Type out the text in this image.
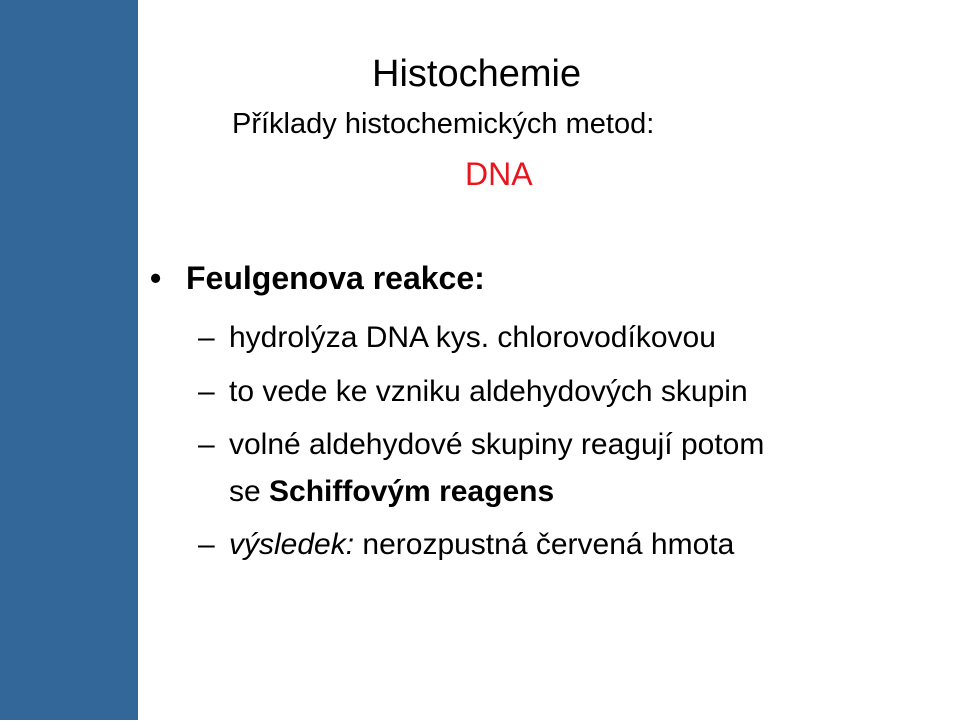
Histochemie
Příklady histochemických metod:
DNA
• Feulgenova reakce:
– hydrolýza DNA kys. chlorovodíkovou
– to vede ke vzniku aldehydových skupin
– volné aldehydové skupiny reagují potom
se Schiffovým reagens
– výsledek: nerozpustná červená hmota
